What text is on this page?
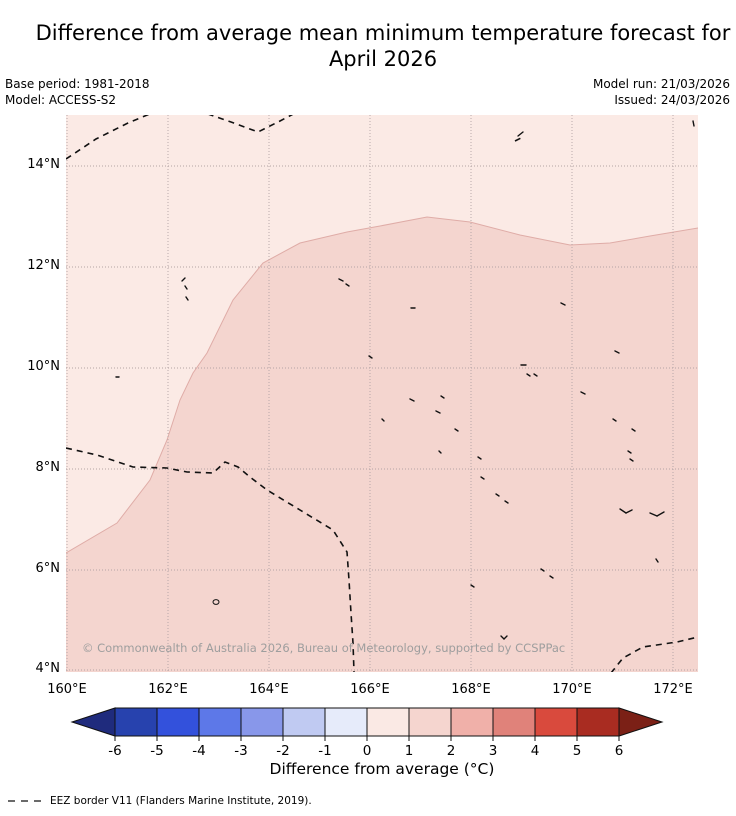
Difference from average mean minimum temperature forecast for
April 2026
Base period: 1981-2018
Model: ACCESS-S2
Model run: 21/03/2026
Issued: 24/03/2026
© Commonwealth of Australia 2026, Bureau of Meteorology, supported by CCSPPac
14°N
12°N
10°N
8°N
6°N
4°N
160°E	162°E	164°E	166°E	168°E	170°E	172°E
-6 -5 -4 -3 -2 -1 0 1 2 3 4 5 6
Difference from average (°C)
EEZ border V11 (Flanders Marine Institute, 2019).
